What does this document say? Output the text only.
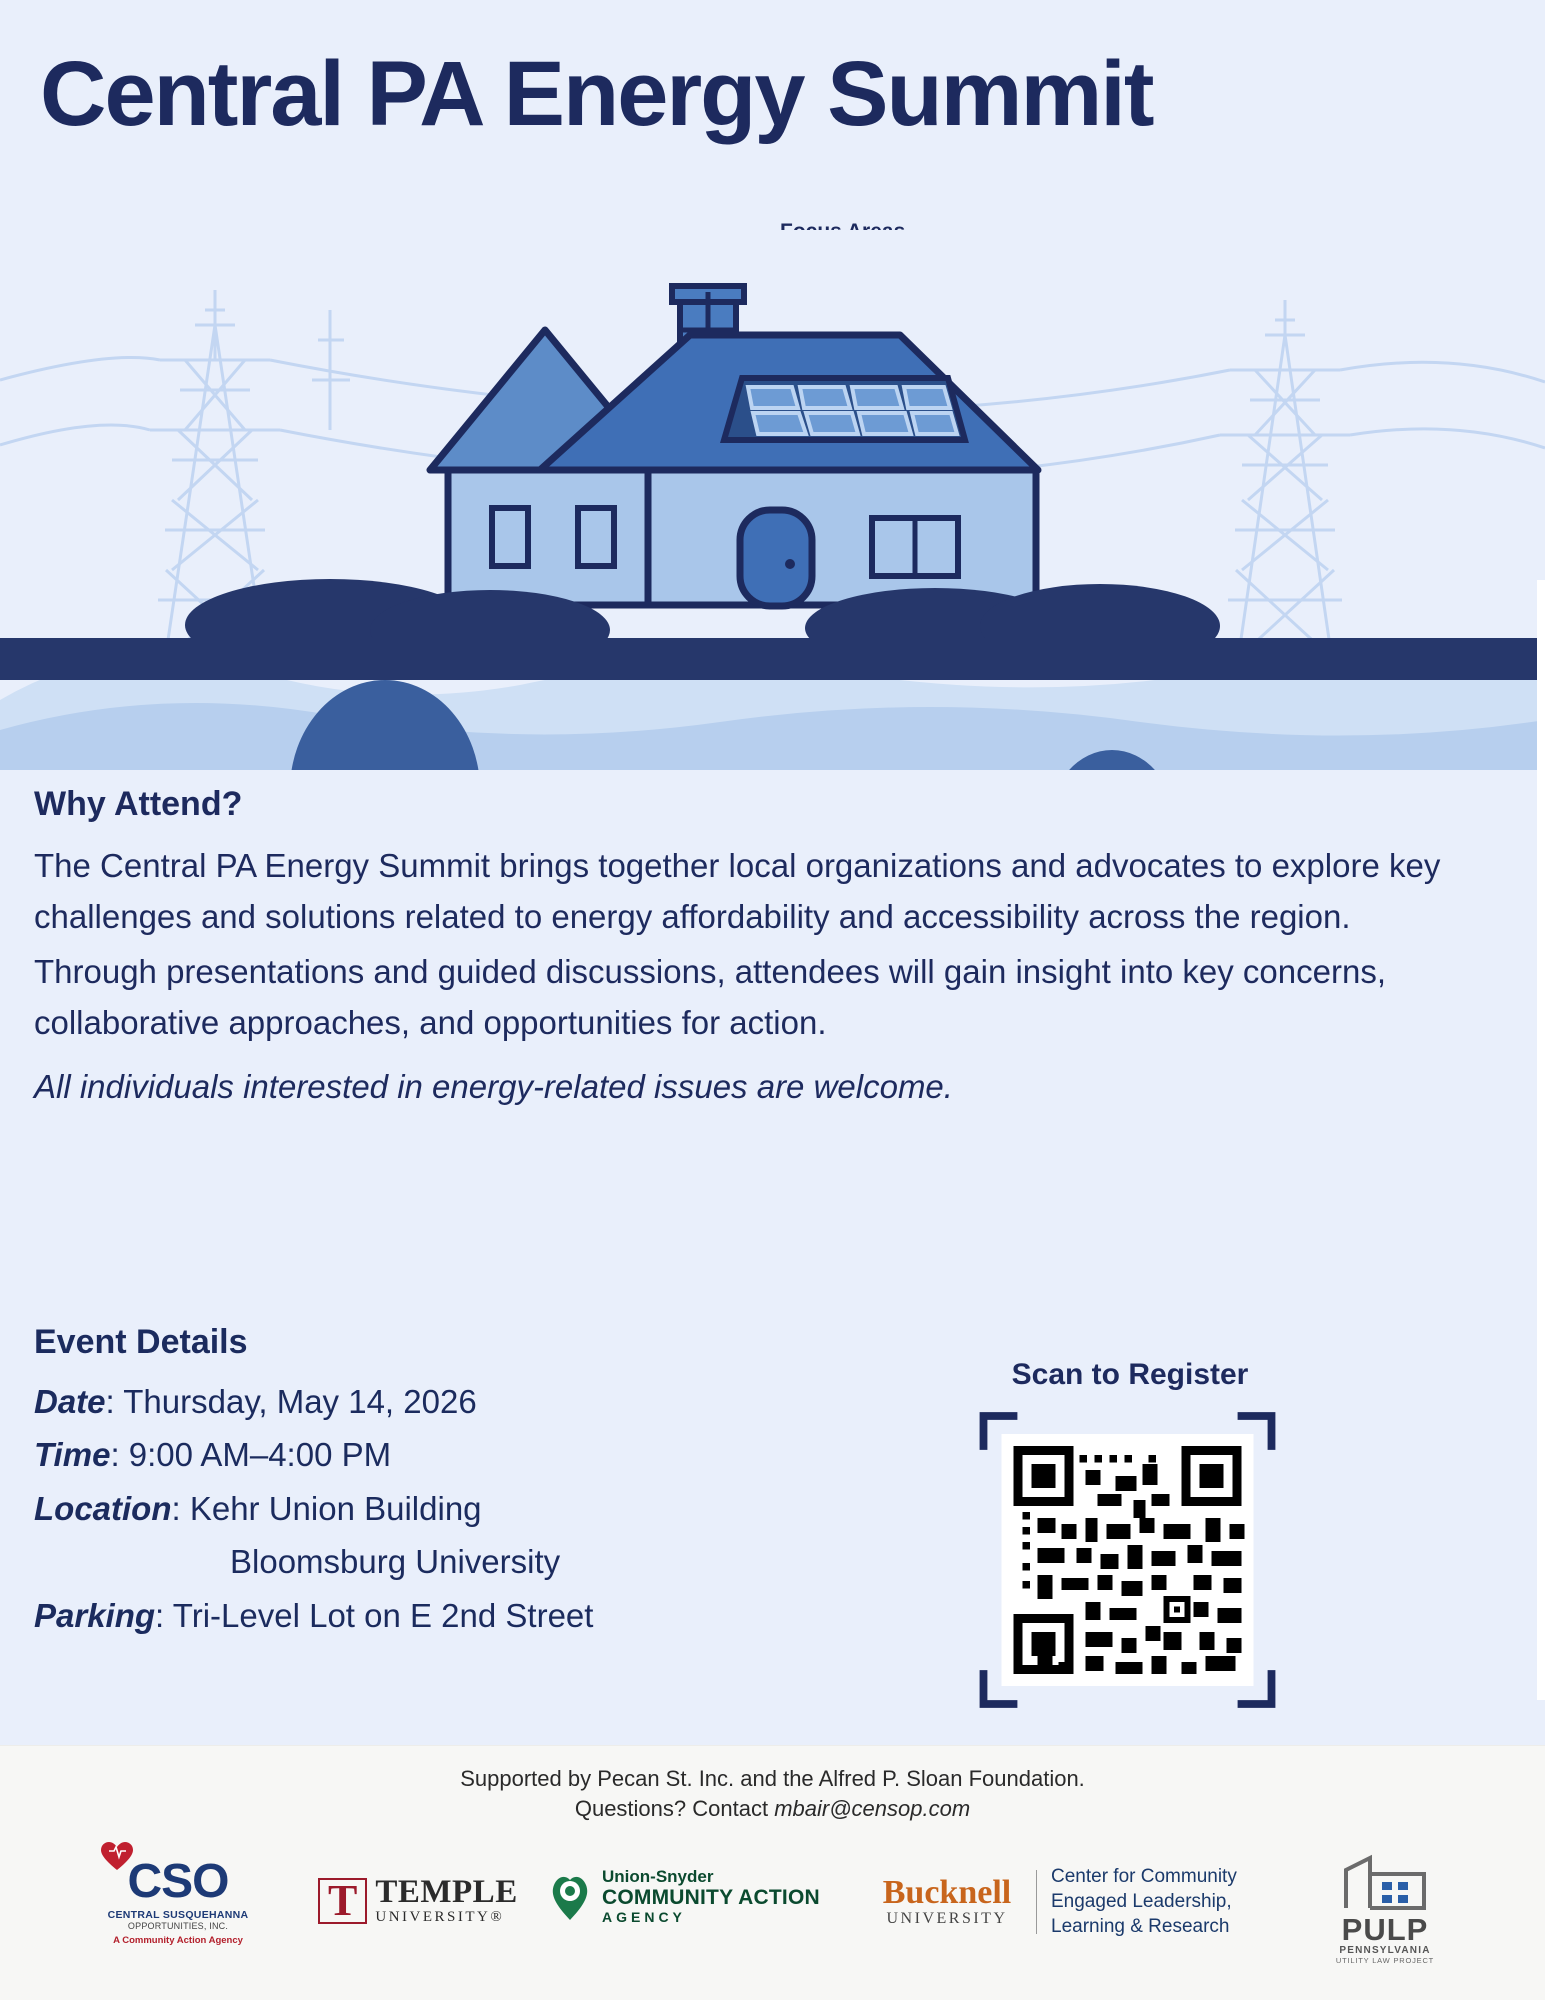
Central PA Energy Summit
•
•
•
Why Attend?

The Central PA Energy Summit brings together local organizations and advocates to explore key challenges and solutions related to energy affordability and accessibility across the region.

Through presentations and guided discussions, attendees will gain insight into key concerns, collaborative approaches, and opportunities for action.

All individuals interested in energy-related issues are welcome.

Event Details
Date: Thursday, May 14, 2026
Time: 9:00 AM–4:00 PM
Location: Kehr Union Building
Bloomsburg University
Parking: Tri-Level Lot on E 2nd Street
Scan to Register
Supported by Pecan St. Inc. and the Alfred P. Sloan Foundation.
Questions? Contact mbair@censop.com
CSO
CENTRAL SUSQUEHANNA
OPPORTUNITIES, INC.
A Community Action Agency
T TEMPLE
UNIVERSITY®
Union-Snyder
COMMUNITY ACTION
AGENCY
Bucknell
UNIVERSITY
Center for Community
Engaged Leadership,
Learning & Research	PULP
PENNSYLVANIA
UTILITY LAW PROJECT
